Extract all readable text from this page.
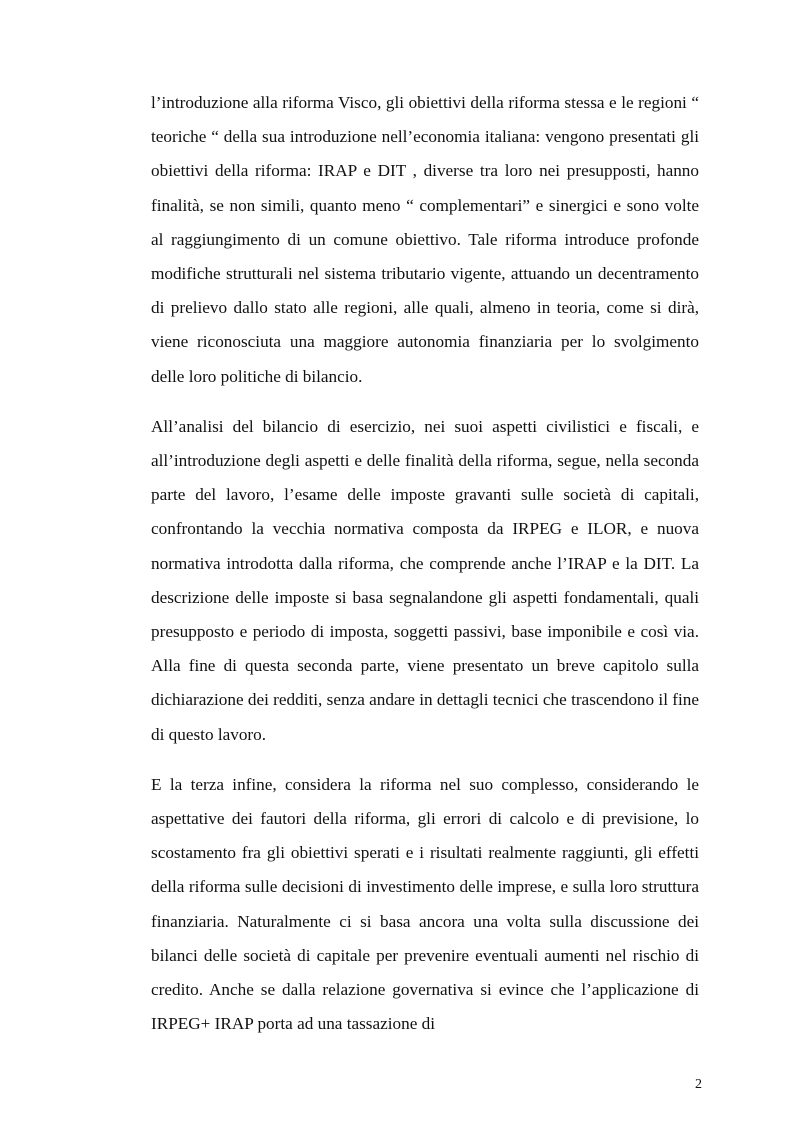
l’introduzione alla riforma Visco, gli obiettivi della riforma stessa e le regioni “ teoriche “ della sua introduzione nell’economia italiana: vengono presentati gli obiettivi della riforma: IRAP e DIT , diverse tra loro nei presupposti, hanno finalità, se non simili, quanto meno “ complementari” e sinergici e sono volte al raggiungimento di un comune obiettivo. Tale riforma introduce profonde modifiche strutturali nel sistema tributario vigente, attuando un decentramento di prelievo dallo stato alle regioni, alle quali, almeno in teoria, come si dirà, viene riconosciuta una maggiore autonomia finanziaria per lo svolgimento delle loro politiche di bilancio.

All’analisi del bilancio di esercizio, nei suoi aspetti civilistici e fiscali, e all’introduzione degli aspetti e delle finalità della riforma, segue, nella seconda parte del lavoro, l’esame delle imposte gravanti sulle società di capitali, confrontando la vecchia normativa composta da IRPEG e ILOR, e nuova normativa introdotta dalla riforma, che comprende anche l’IRAP e la DIT. La descrizione delle imposte si basa segnalandone gli aspetti fondamentali, quali presupposto e periodo di imposta, soggetti passivi, base imponibile e così via. Alla fine di questa seconda parte, viene presentato un breve capitolo sulla dichiarazione dei redditi, senza andare in dettagli tecnici che trascendono il fine di questo lavoro.

E la terza infine, considera la riforma nel suo complesso, considerando le aspettative dei fautori della riforma, gli errori di calcolo e di previsione, lo scostamento fra gli obiettivi sperati e i risultati realmente raggiunti, gli effetti della riforma sulle decisioni di investimento delle imprese, e sulla loro struttura finanziaria. Naturalmente ci si basa ancora una volta sulla discussione dei bilanci delle società di capitale per prevenire eventuali aumenti nel rischio di credito. Anche se dalla relazione governativa si evince che l’applicazione di IRPEG+ IRAP porta ad una tassazione di

2
